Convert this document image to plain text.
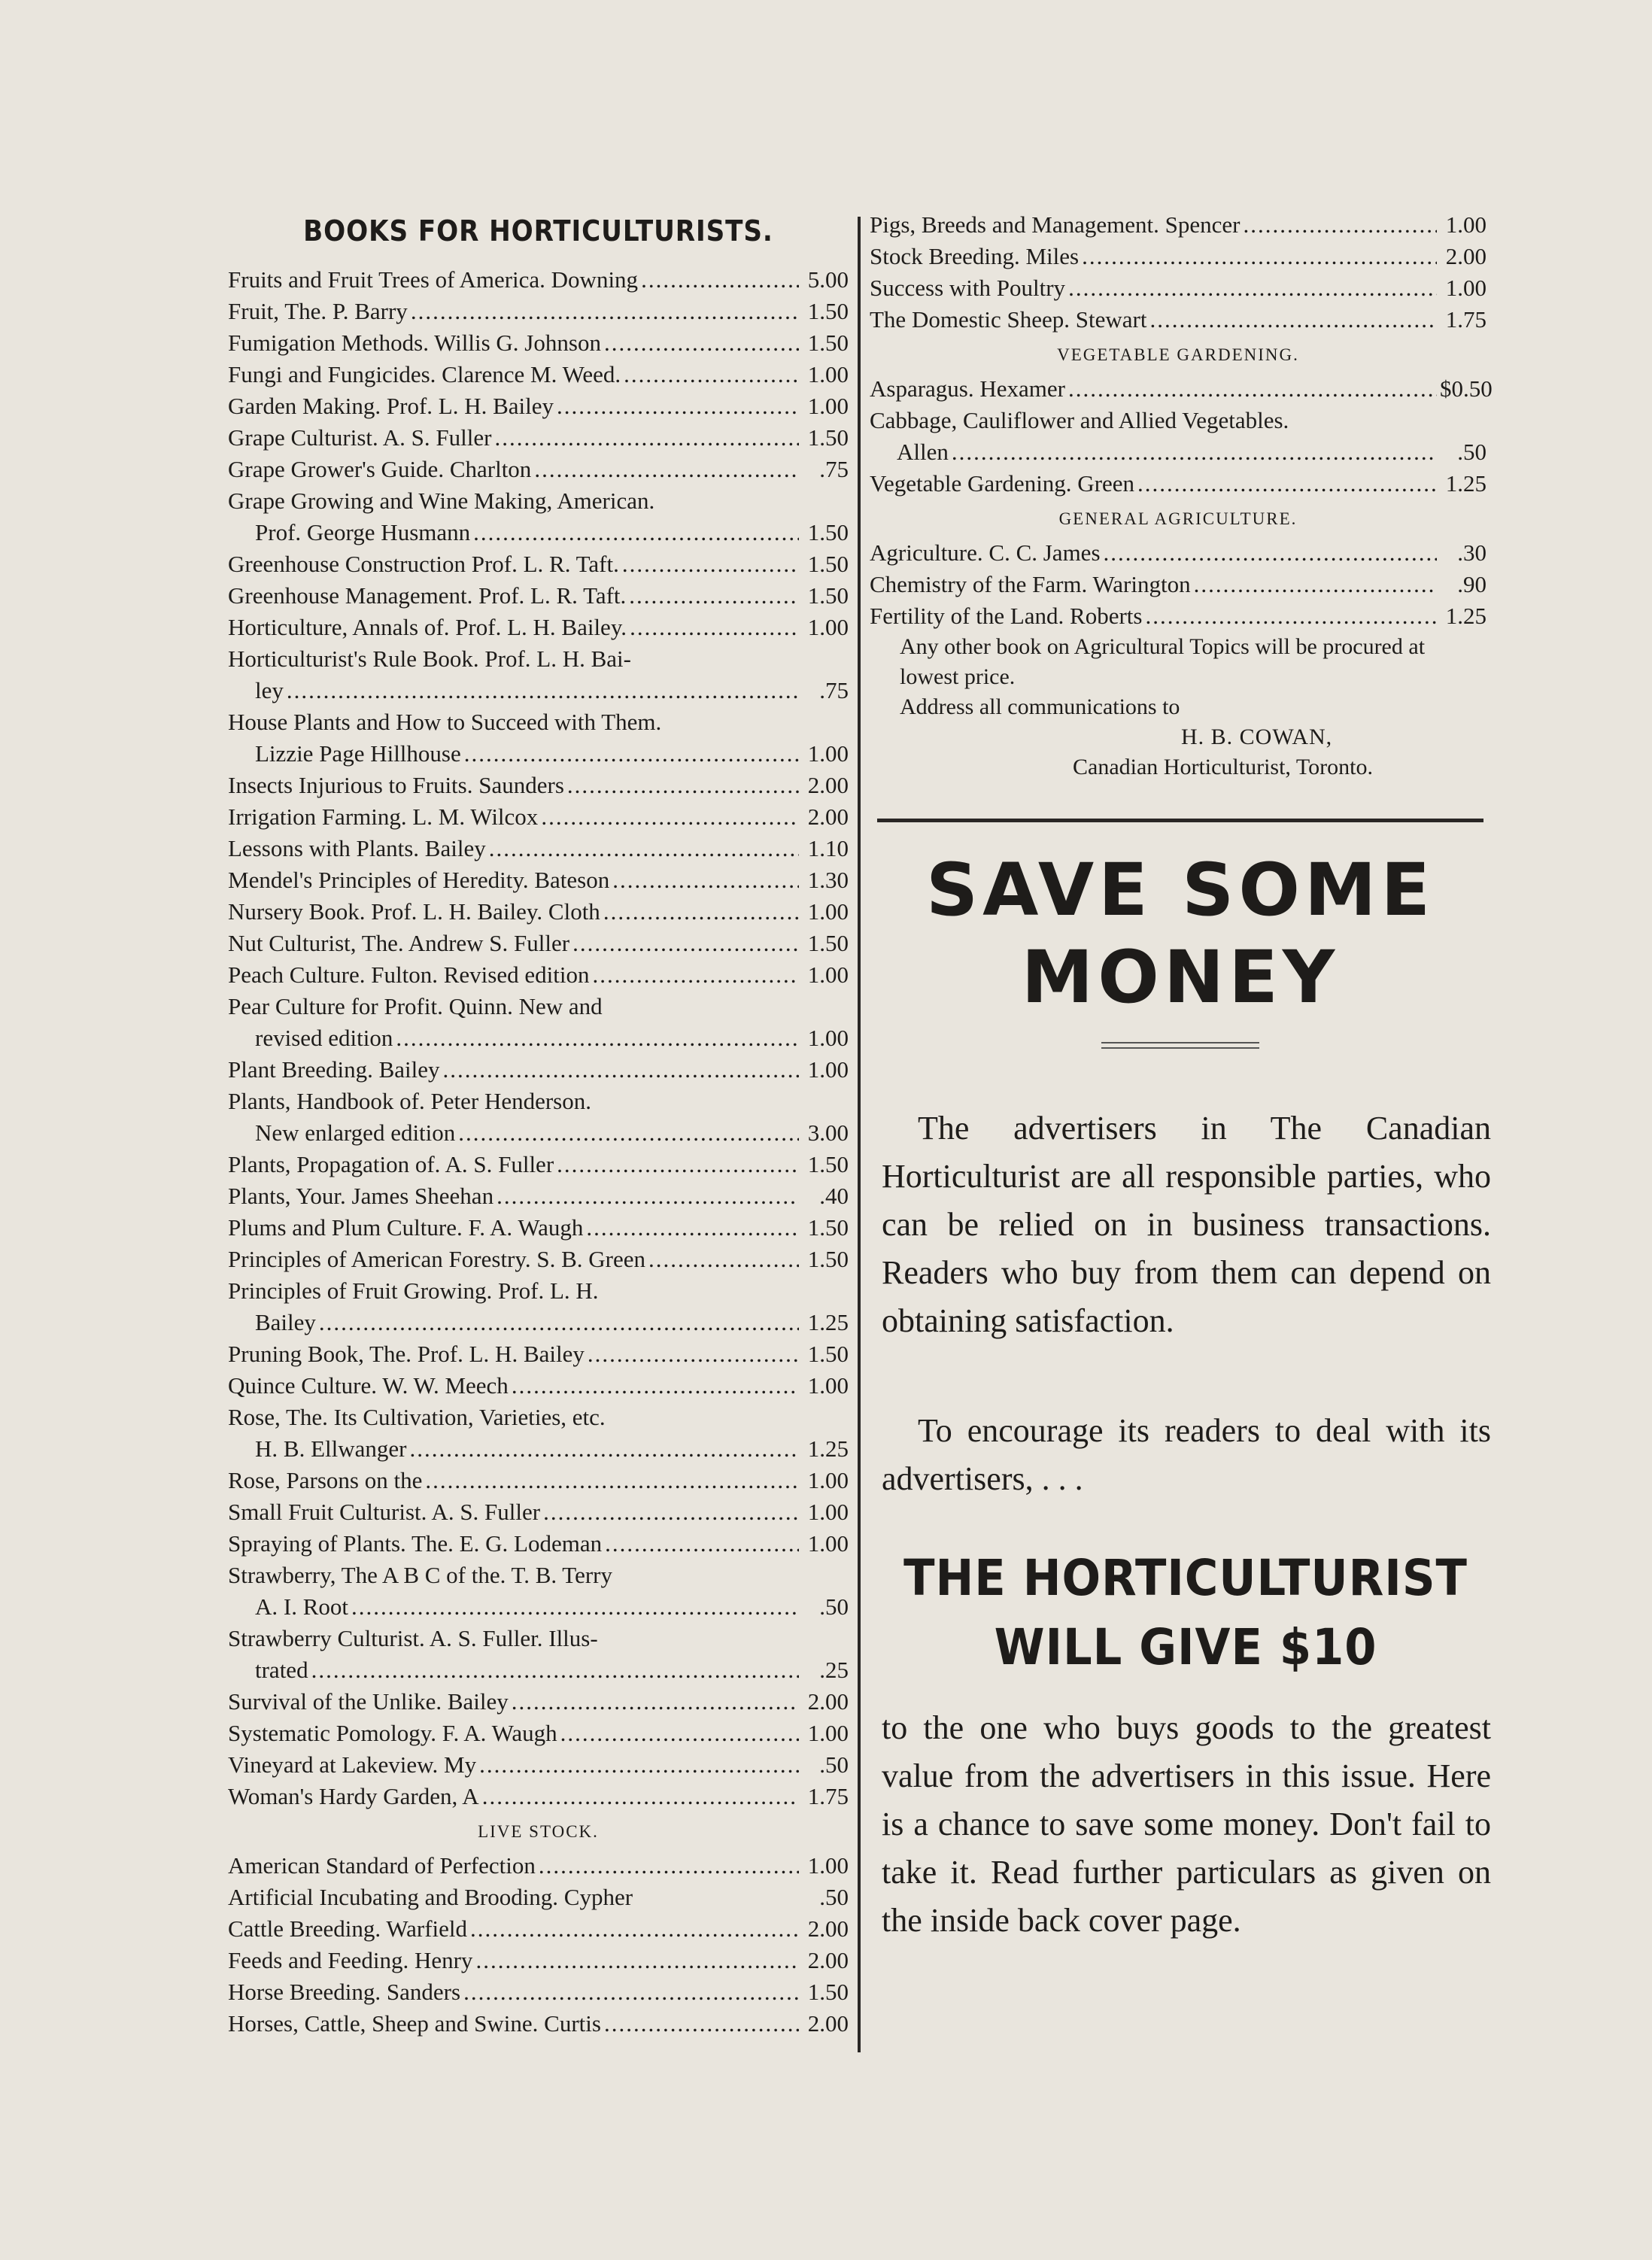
BOOKS FOR HORTICULTURISTS.
Fruits and Fruit Trees of America. Downing .....	5.00
Fruit, The. P. Barry .....	1.50
Fumigation Methods. Willis G. Johnson .....	1.50
Fungi and Fungicides. Clarence M. Weed. .....	1.00
Garden Making. Prof. L. H. Bailey .....	1.00
Grape Culturist. A. S. Fuller .....	1.50
Grape Grower's Guide. Charlton .....	.75
Grape Growing and Wine Making, American.
Prof. George Husmann .....	1.50
Greenhouse Construction Prof. L. R. Taft. .....	1.50
Greenhouse Management. Prof. L. R. Taft. .....	1.50
Horticulture, Annals of. Prof. L. H. Bailey. .....	1.00
Horticulturist's Rule Book. Prof. L. H. Bai-
ley .....	.75
House Plants and How to Succeed with Them.
Lizzie Page Hillhouse .....	1.00
Insects Injurious to Fruits. Saunders .....	2.00
Irrigation Farming. L. M. Wilcox .....	2.00
Lessons with Plants. Bailey .....	1.10
Mendel's Principles of Heredity. Bateson .....	1.30
Nursery Book. Prof. L. H. Bailey. Cloth .....	1.00
Nut Culturist, The. Andrew S. Fuller .....	1.50
Peach Culture. Fulton. Revised edition .....	1.00
Pear Culture for Profit. Quinn. New and
revised edition .....	1.00
Plant Breeding. Bailey .....	1.00
Plants, Handbook of. Peter Henderson.
New enlarged edition .....	3.00
Plants, Propagation of. A. S. Fuller .....	1.50
Plants, Your. James Sheehan .....	.40
Plums and Plum Culture. F. A. Waugh .....	1.50
Principles of American Forestry. S. B. Green .....	1.50
Principles of Fruit Growing. Prof. L. H.
Bailey .....	1.25
Pruning Book, The. Prof. L. H. Bailey .....	1.50
Quince Culture. W. W. Meech .....	1.00
Rose, The. Its Cultivation, Varieties, etc.
H. B. Ellwanger .....	1.25
Rose, Parsons on the .....	1.00
Small Fruit Culturist. A. S. Fuller .....	1.00
Spraying of Plants. The. E. G. Lodeman .....	1.00
Strawberry, The A B C of the. T. B. Terry
A. I. Root .....	.50
Strawberry Culturist. A. S. Fuller. Illus-
trated .....	.25
Survival of the Unlike. Bailey .....	2.00
Systematic Pomology. F. A. Waugh .....	1.00
Vineyard at Lakeview. My .....	.50
Woman's Hardy Garden, A .....	1.75
LIVE STOCK.
American Standard of Perfection .....	1.00
Artificial Incubating and Brooding. Cypher	.50
Cattle Breeding. Warfield .....	2.00
Feeds and Feeding. Henry .....	2.00
Horse Breeding. Sanders .....	1.50
Horses, Cattle, Sheep and Swine. Curtis .....	2.00
Pigs, Breeds and Management. Spencer .....	1.00
Stock Breeding. Miles .....	2.00
Success with Poultry .....	1.00
The Domestic Sheep. Stewart .....	1.75
VEGETABLE GARDENING.
Asparagus. Hexamer .....	$0.50
Cabbage, Cauliflower and Allied Vegetables.
Allen .....	.50
Vegetable Gardening. Green .....	1.25
GENERAL AGRICULTURE.
Agriculture. C. C. James .....	.30
Chemistry of the Farm. Warington .....	.90
Fertility of the Land. Roberts .....	1.25
Any other book on Agricultural Topics will be procured at lowest price.
Address all communications to
H. B. COWAN,
Canadian Horticulturist, Toronto.
SAVE SOME
MONEY
The advertisers in The Canadian Horticulturist are all responsible parties, who can be relied on in business transactions. Readers who buy from them can depend on obtaining satisfaction.
To encourage its readers to deal with its advertisers, . . .
THE HORTICULTURIST
WILL GIVE $10
to the one who buys goods to the greatest value from the advertisers in this issue. Here is a chance to save some money. Don't fail to take it. Read further particulars as given on the inside back cover page.
